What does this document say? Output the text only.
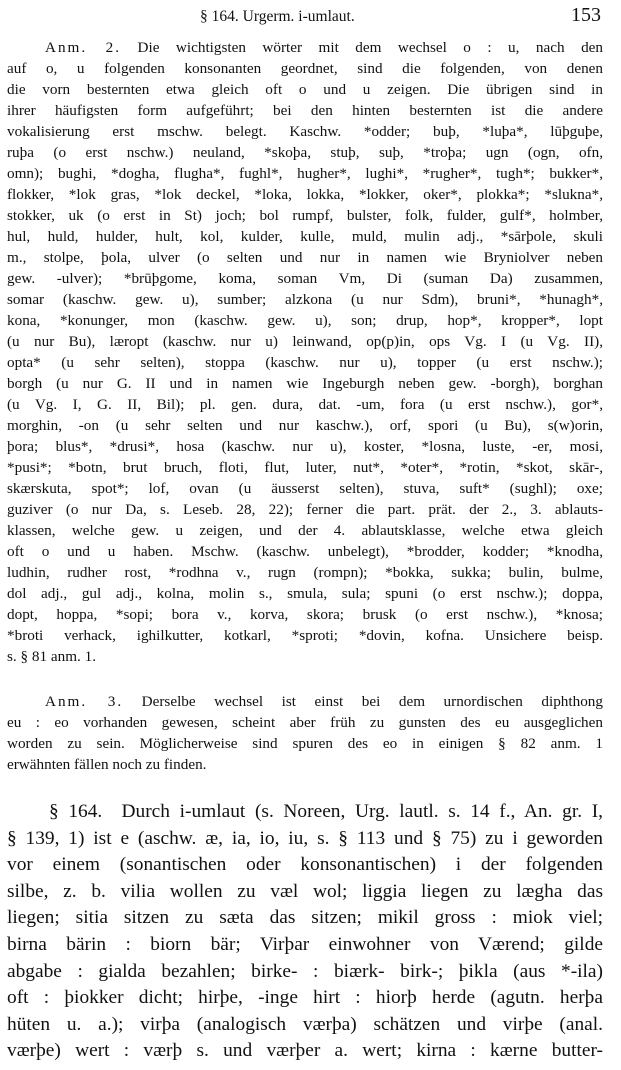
§ 164. Urgerm. i-umlaut.	153
Anm. 2. Die wichtigsten wörter mit dem wechsel o : u, nach den
auf o, u folgenden konsonanten geordnet, sind die folgenden, von denen
die vorn besternten etwa gleich oft o und u zeigen. Die übrigen sind in
ihrer häufigsten form aufgeführt; bei den hinten besternten ist die andere
vokalisierung erst mschw. belegt. Kaschw. *odder; buþ, *luþa*, lūþguþe,
ruþa (o erst nschw.) neuland, *skoþa, stuþ, suþ, *troþa; ugn (ogn, ofn,
omn); bughi, *dogha, flugha*, fughl*, hugher*, lughi*, *rugher*, tugh*; bukker*,
flokker, *lok gras, *lok deckel, *loka, lokka, *lokker, oker*, plokka*; *slukna*,
stokker, uk (o erst in St) joch; bol rumpf, bulster, folk, fulder, gulf*, holmber,
hul, huld, hulder, hult, kol, kulder, kulle, muld, mulin adj., *sārþole, skuli
m., stolpe, þola, ulver (o selten und nur in namen wie Bryniolver neben
gew. -ulver); *brūþgome, koma, soman Vm, Di (suman Da) zusammen,
somar (kaschw. gew. u), sumber; alzkona (u nur Sdm), bruni*, *hunagh*,
kona, *konunger, mon (kaschw. gew. u), son; drup, hop*, kropper*, lopt
(u nur Bu), læropt (kaschw. nur u) leinwand, op(p)in, ops Vg. I (u Vg. II),
opta* (u sehr selten), stoppa (kaschw. nur u), topper (u erst nschw.);
borgh (u nur G. II und in namen wie Ingeburgh neben gew. -borgh), borghan
(u Vg. I, G. II, Bil); pl. gen. dura, dat. -um, fora (u erst nschw.), gor*,
morghin, -on (u sehr selten und nur kaschw.), orf, spori (u Bu), s(w)orin,
þora; blus*, *drusi*, hosa (kaschw. nur u), koster, *losna, luste, -er, mosi,
*pusi*; *botn, brut bruch, floti, flut, luter, nut*, *oter*, *rotin, *skot, skār-,
skærskuta, spot*; lof, ovan (u äusserst selten), stuva, suft* (sughl); oxe;
guziver (o nur Da, s. Leseb. 28, 22); ferner die part. prät. der 2., 3. ablauts-
klassen, welche gew. u zeigen, und der 4. ablautsklasse, welche etwa gleich
oft o und u haben. Mschw. (kaschw. unbelegt), *brodder, kodder; *knodha,
ludhin, rudher rost, *rodhna v., rugn (rompn); *bokka, sukka; bulin, bulme,
dol adj., gul adj., kolna, molin s., smula, sula; spuni (o erst nschw.); doppa,
dopt, hoppa, *sopi; bora v., korva, skora; brusk (o erst nschw.), *knosa;
*broti verhack, ighilkutter, kotkarl, *sproti; *dovin, kofna. Unsichere beisp.
s. § 81 anm. 1.
Anm. 3. Derselbe wechsel ist einst bei dem urnordischen diphthong
eu : eo vorhanden gewesen, scheint aber früh zu gunsten des eu ausgeglichen
worden zu sein. Möglicherweise sind spuren des eo in einigen § 82 anm. 1
erwähnten fällen noch zu finden.
§ 164. Durch i-umlaut (s. Noreen, Urg. lautl. s. 14 f., An. gr. I,
§ 139, 1) ist e (aschw. æ, ia, io, iu, s. § 113 und § 75) zu i geworden
vor einem (sonantischen oder konsonantischen) i der folgenden
silbe, z. b. vilia wollen zu væl wol; liggia liegen zu lægha das
liegen; sitia sitzen zu sæta das sitzen; mikil gross : miok viel;
birna bärin : biorn bär; Virþar einwohner von Værend; gilde
abgabe : gialda bezahlen; birke- : biærk- birk-; þikla (aus *-ila)
oft : þiokker dicht; hirþe, -inge hirt : hiorþ herde (agutn. herþa
hüten u. a.); virþa (analogisch værþa) schätzen und virþe (anal.
værþe) wert : værþ s. und værþer a. wert; kirna : kærne butter-
